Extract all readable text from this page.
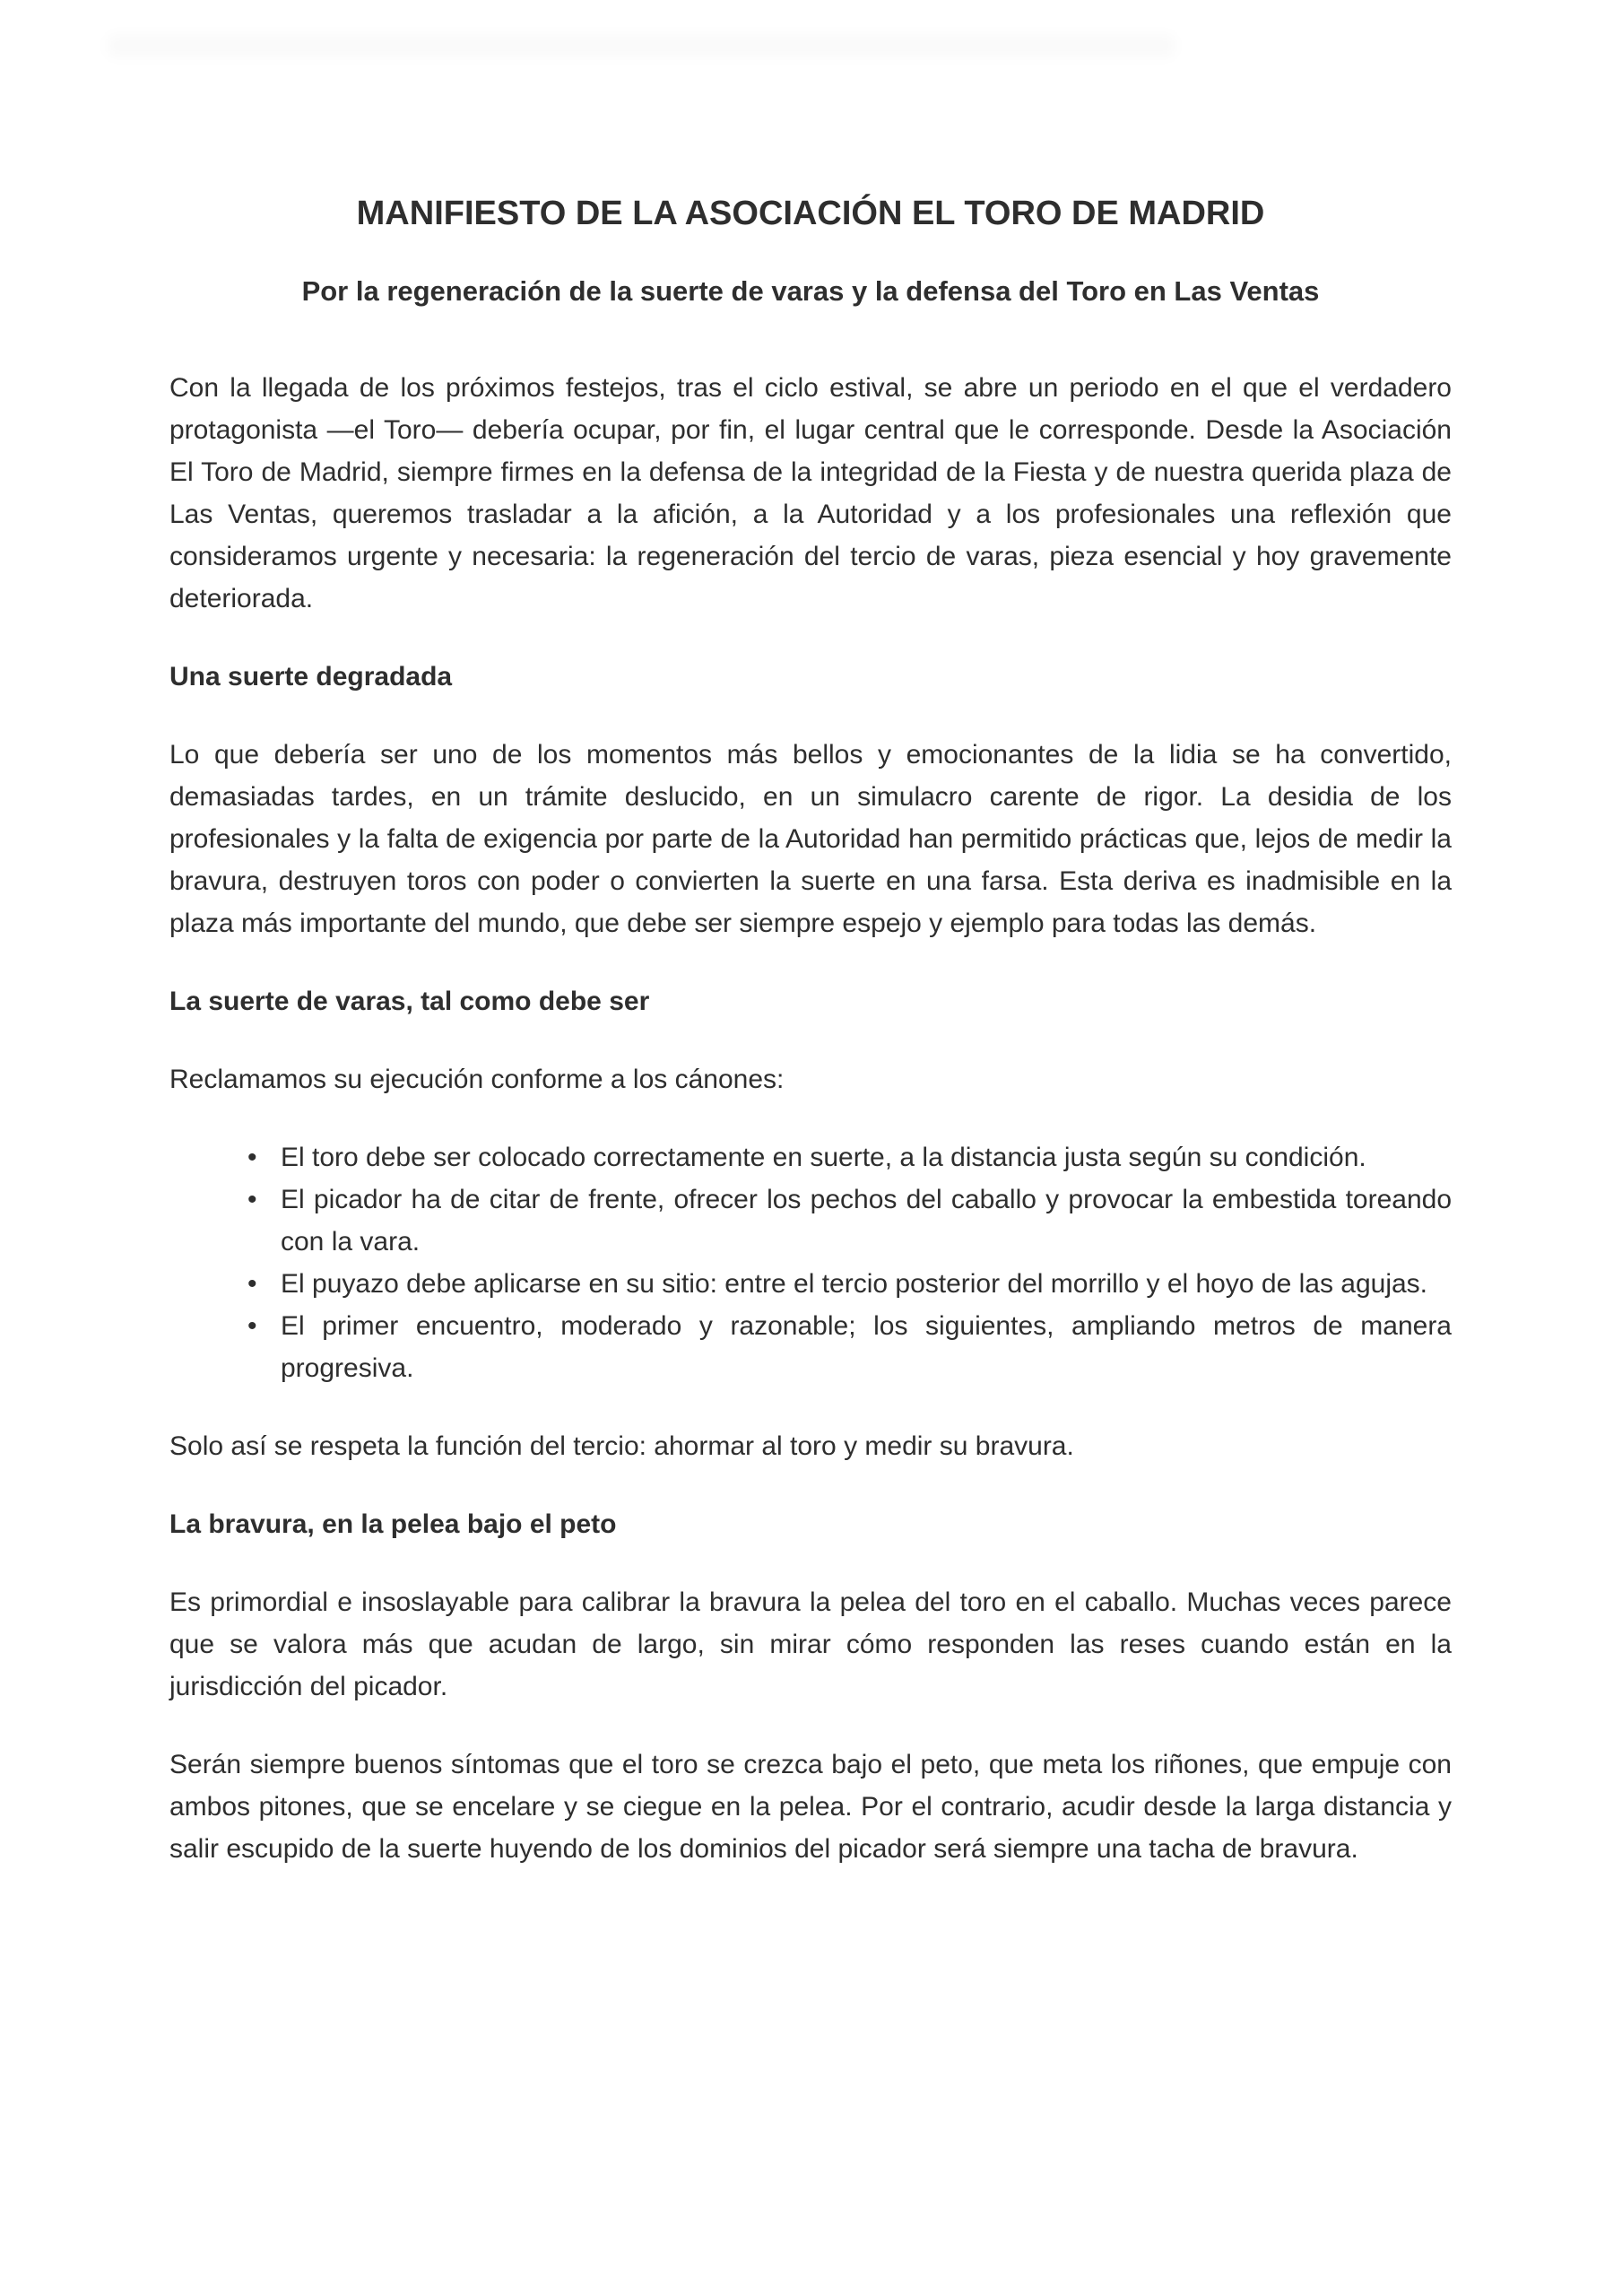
MANIFIESTO DE LA ASOCIACIÓN EL TORO DE MADRID
Por la regeneración de la suerte de varas y la defensa del Toro en Las Ventas

Con la llegada de los próximos festejos, tras el ciclo estival, se abre un periodo en el que el verdadero protagonista —el Toro— debería ocupar, por fin, el lugar central que le corresponde. Desde la Asociación El Toro de Madrid, siempre firmes en la defensa de la integridad de la Fiesta y de nuestra querida plaza de Las Ventas, queremos trasladar a la afición, a la Autoridad y a los profesionales una reflexión que consideramos urgente y necesaria: la regeneración del tercio de varas, pieza esencial y hoy gravemente deteriorada.

Una suerte degradada

Lo que debería ser uno de los momentos más bellos y emocionantes de la lidia se ha convertido, demasiadas tardes, en un trámite deslucido, en un simulacro carente de rigor. La desidia de los profesionales y la falta de exigencia por parte de la Autoridad han permitido prácticas que, lejos de medir la bravura, destruyen toros con poder o convierten la suerte en una farsa. Esta deriva es inadmisible en la plaza más importante del mundo, que debe ser siempre espejo y ejemplo para todas las demás.

La suerte de varas, tal como debe ser

Reclamamos su ejecución conforme a los cánones:

• El toro debe ser colocado correctamente en suerte, a la distancia justa según su condición.
• El picador ha de citar de frente, ofrecer los pechos del caballo y provocar la embestida toreando con la vara.
• El puyazo debe aplicarse en su sitio: entre el tercio posterior del morrillo y el hoyo de las agujas.
• El primer encuentro, moderado y razonable; los siguientes, ampliando metros de manera progresiva.

Solo así se respeta la función del tercio: ahormar al toro y medir su bravura.

La bravura, en la pelea bajo el peto

Es primordial e insoslayable para calibrar la bravura la pelea del toro en el caballo. Muchas veces parece que se valora más que acudan de largo, sin mirar cómo responden las reses cuando están en la jurisdicción del picador.

Serán siempre buenos síntomas que el toro se crezca bajo el peto, que meta los riñones, que empuje con ambos pitones, que se encelare y se ciegue en la pelea. Por el contrario, acudir desde la larga distancia y salir escupido de la suerte huyendo de los dominios del picador será siempre una tacha de bravura.
